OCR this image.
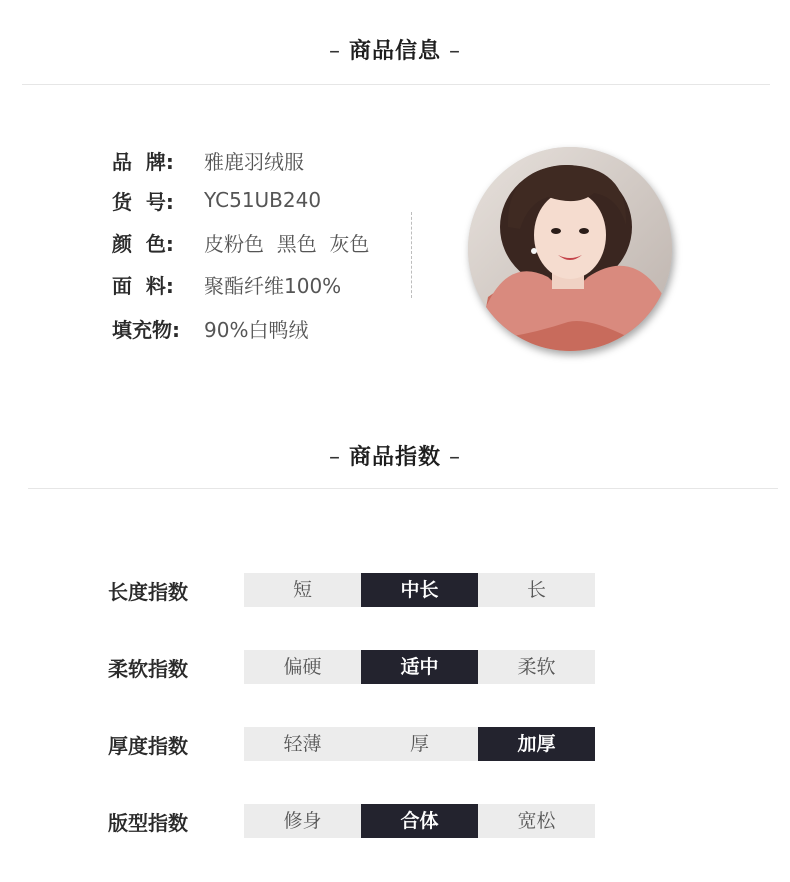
– 商品信息 –
品  牌:	雅鹿羽绒服
货  号:	YC51UB240
颜  色:	皮粉色  黑色  灰色
面  料:	聚酯纤维100%
填充物:	90%白鸭绒
– 商品指数 –
长度指数	短	中长	长
柔软指数	偏硬	适中	柔软
厚度指数	轻薄	厚	加厚
版型指数	修身	合体	宽松
